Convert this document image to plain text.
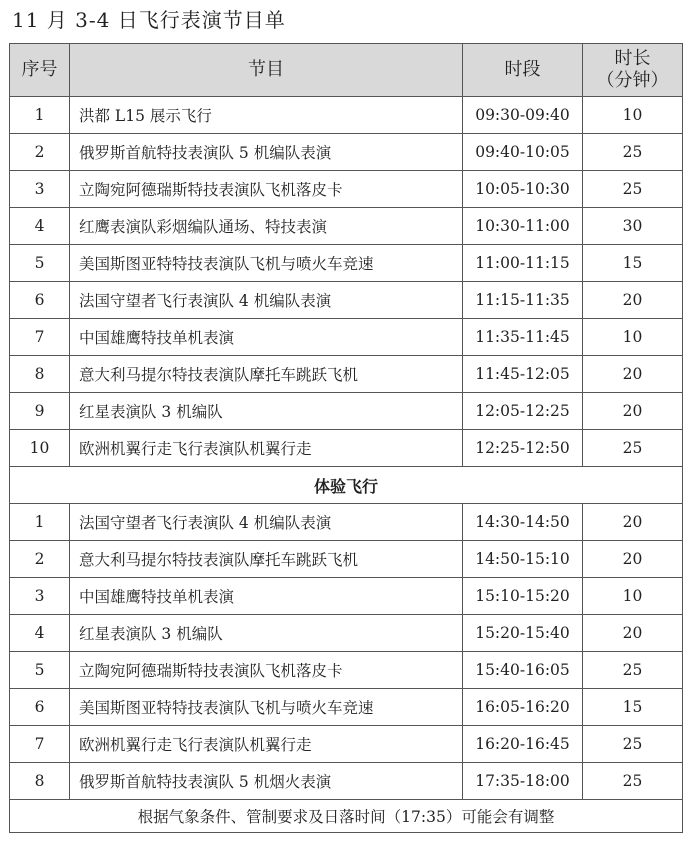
11 月 3-4 日飞行表演节目单
序号	节目	时段	时长
（分钟）
1	洪都 L15 展示飞行	09:30-09:40	10
2	俄罗斯首航特技表演队 5 机编队表演	09:40-10:05	25
3	立陶宛阿德瑞斯特技表演队飞机落皮卡	10:05-10:30	25
4	红鹰表演队彩烟编队通场、特技表演	10:30-11:00	30
5	美国斯图亚特特技表演队飞机与喷火车竞速	11:00-11:15	15
6	法国守望者飞行表演队 4 机编队表演	11:15-11:35	20
7	中国雄鹰特技单机表演	11:35-11:45	10
8	意大利马提尔特技表演队摩托车跳跃飞机	11:45-12:05	20
9	红星表演队 3 机编队	12:05-12:25	20
10	欧洲机翼行走飞行表演队机翼行走	12:25-12:50	25
体验飞行			
1	法国守望者飞行表演队 4 机编队表演	14:30-14:50	20
2	意大利马提尔特技表演队摩托车跳跃飞机	14:50-15:10	20
3	中国雄鹰特技单机表演	15:10-15:20	10
4	红星表演队 3 机编队	15:20-15:40	20
5	立陶宛阿德瑞斯特技表演队飞机落皮卡	15:40-16:05	25
6	美国斯图亚特特技表演队飞机与喷火车竞速	16:05-16:20	15
7	欧洲机翼行走飞行表演队机翼行走	16:20-16:45	25
8	俄罗斯首航特技表演队 5 机烟火表演	17:35-18:00	25
根据气象条件、管制要求及日落时间（17:35）可能会有调整			
